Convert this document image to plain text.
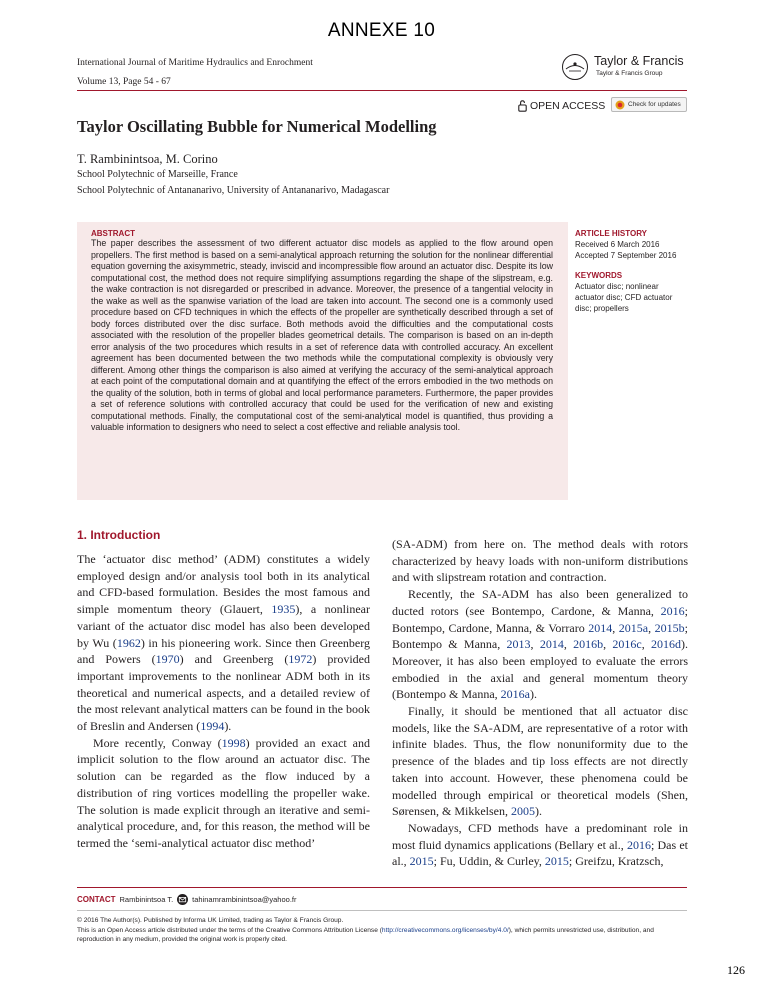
ANNEXE 10
International Journal of Maritime Hydraulics and Enrochment
Volume 13, Page 54 - 67
Taylor & Francis
Taylor & Francis Group
OPEN ACCESS	Check for updates
Taylor Oscillating Bubble for Numerical Modelling
T. Rambinintsoa, M. Corino
School Polytechnic of Marseille, France
School Polytechnic of Antananarivo, University of Antananarivo, Madagascar
ABSTRACT
The paper describes the assessment of two different actuator disc models as applied to the flow around open propellers. The first method is based on a semi-analytical approach returning the solution for the nonlinear differential equation governing the axisymmetric, steady, inviscid and incompressible flow around an actuator disc. Despite its low computational cost, the method does not require simplifying assumptions regarding the shape of the slipstream, e.g. the wake contraction is not disregarded or prescribed in advance. Moreover, the presence of a tangential velocity in the wake as well as the spanwise variation of the load are taken into account. The second one is a commonly used procedure based on CFD techniques in which the effects of the propeller are synthetically described through a set of body forces distributed over the disc surface. Both methods avoid the difficulties and the computational costs associated with the resolution of the propeller blades geometrical details. The comparison is based on an in-depth error analysis of the two procedures which results in a set of reference data with controlled accuracy. An excellent agreement has been documented between the two methods while the computational complexity is obviously very different. Among other things the comparison is also aimed at verifying the accuracy of the semi-analytical approach at each point of the computational domain and at quantifying the effect of the errors embodied in the two methods on the quality of the solution, both in terms of global and local performance parameters. Furthermore, the paper provides a set of reference solutions with controlled accuracy that could be used for the verification of new and existing computational methods. Finally, the computational cost of the semi-analytical model is quantified, thus providing a valuable information to designers who need to select a cost effective and reliable analysis tool.
ARTICLE HISTORY
Received 6 March 2016
Accepted 7 September 2016
KEYWORDS
Actuator disc; nonlinear actuator disc; CFD actuator disc; propellers
1. Introduction

The ‘actuator disc method’ (ADM) constitutes a widely employed design and/or analysis tool both in its analytical and CFD-based formulation. Besides the most famous and simple momentum theory (Glauert, 1935), a nonlinear variant of the actuator disc model has also been developed by Wu (1962) in his pioneering work. Since then Greenberg and Powers (1970) and Greenberg (1972) provided important improvements to the nonlinear ADM both in its theoretical and numerical aspects, and a detailed review of the most relevant analytical matters can be found in the book of Breslin and Andersen (1994).

More recently, Conway (1998) provided an exact and implicit solution to the flow around an actuator disc. The solution can be regarded as the flow induced by a distribution of ring vortices modelling the propeller wake. The solution is made explicit through an iterative and semi-analytical procedure, and, for this reason, the method will be termed the ‘semi-analytical actuator disc method’

(SA-ADM) from here on. The method deals with rotors characterized by heavy loads with non-uniform distributions and with slipstream rotation and contraction.

Recently, the SA-ADM has also been generalized to ducted rotors (see Bontempo, Cardone, & Manna, 2016; Bontempo, Cardone, Manna, & Vorraro 2014, 2015a, 2015b; Bontempo & Manna, 2013, 2014, 2016b, 2016c, 2016d). Moreover, it has also been employed to evaluate the errors embodied in the axial and general momentum theory (Bontempo & Manna, 2016a).

Finally, it should be mentioned that all actuator disc models, like the SA-ADM, are representative of a rotor with infinite blades. Thus, the flow nonuniformity due to the presence of the blades and tip loss effects are not directly taken into account. However, these phenomena could be modelled through empirical or theoretical models (Shen, Sørensen, & Mikkelsen, 2005).

Nowadays, CFD methods have a predominant role in most fluid dynamics applications (Bellary et al., 2016; Das et al., 2015; Fu, Uddin, & Curley, 2015; Greifzu, Kratzsch,

CONTACT Rambinintsoa T.	tahinamrambinintsoa@yahoo.fr
© 2016 The Author(s). Published by Informa UK Limited, trading as Taylor & Francis Group.
This is an Open Access article distributed under the terms of the Creative Commons Attribution License (http://creativecommons.org/licenses/by/4.0/), which permits unrestricted use, distribution, and reproduction in any medium, provided the original work is properly cited.
126
